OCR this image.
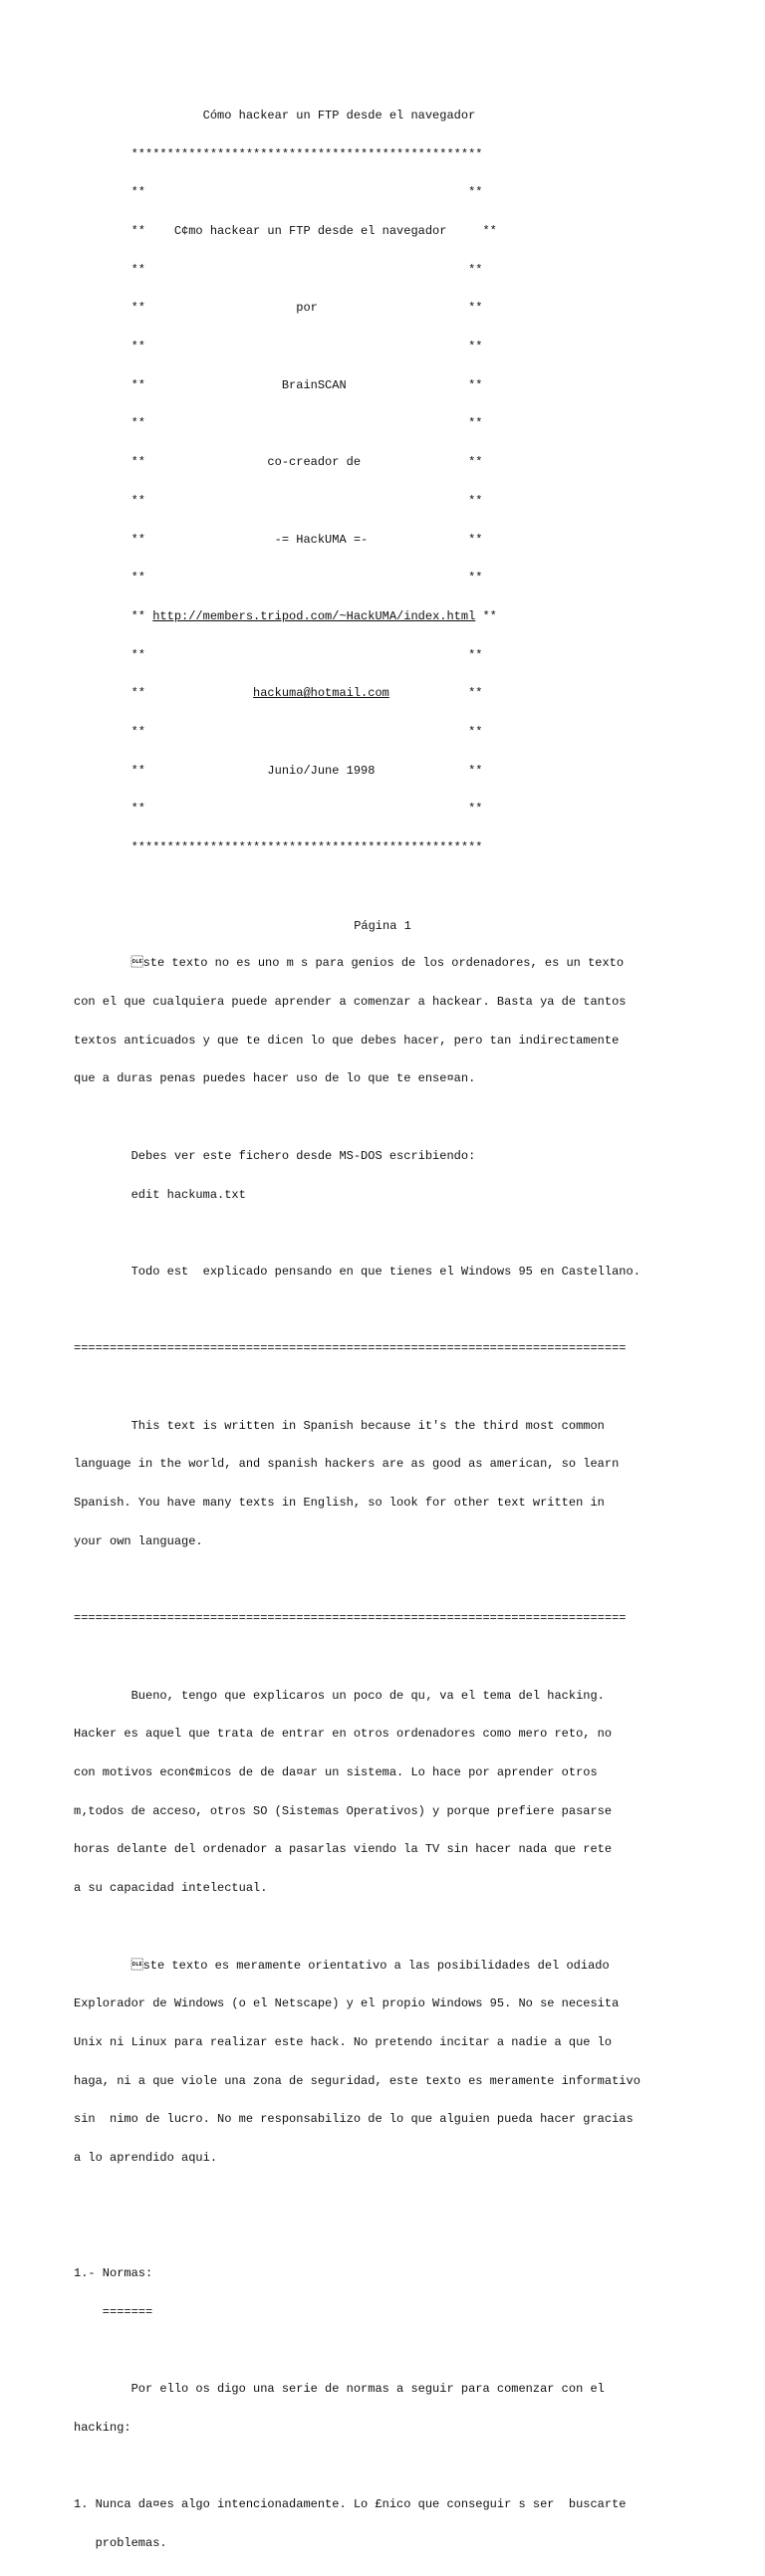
Cómo hackear un FTP desde el navegador

*************************************************

**                                             **

**    C¢mo hackear un FTP desde el navegador     **

**                                             **

**                     por                     **

**                                             **

**                   BrainSCAN                 **

**                                             **

**                 co-creador de               **

**                                             **

**                  -= HackUMA =-              **

**                                             **

** http://members.tripod.com/~HackUMA/index.html **

**                                             **

**               hackuma@hotmail.com           **

**                                             **

**                 Junio/June 1998             **

**                                             **

*************************************************

ste texto no es uno m s para genios de los ordenadores, es un texto

con el que cualquiera puede aprender a comenzar a hackear. Basta ya de tantos

textos anticuados y que te dicen lo que debes hacer, pero tan indirectamente

que a duras penas puedes hacer uso de lo que te ense¤an.

Debes ver este fichero desde MS-DOS escribiendo:

edit hackuma.txt

Todo est  explicado pensando en que tienes el Windows 95 en Castellano.

=============================================================================

This text is written in Spanish because it's the third most common

language in the world, and spanish hackers are as good as american, so learn

Spanish. You have many texts in English, so look for other text written in

your own language.

=============================================================================

Bueno, tengo que explicaros un poco de qu‚ va el tema del hacking.

Hacker es aquel que trata de entrar en otros ordenadores como mero reto, no

con motivos econ¢micos de de da¤ar un sistema. Lo hace por aprender otros

m‚todos de acceso, otros SO (Sistemas Operativos) y porque prefiere pasarse

horas delante del ordenador a pasarlas viendo la TV sin hacer nada que rete

a su capacidad intelectual.

ste texto es meramente orientativo a las posibilidades del odiado

Explorador de Windows (o el Netscape) y el propio Windows 95. No se necesita

Unix ni Linux para realizar este hack. No pretendo incitar a nadie a que lo

haga, ni a que viole una zona de seguridad, este texto es meramente informativo

sin  nimo de lucro. No me responsabilizo de lo que alguien pueda hacer gracias

a lo aprendido aqui.

1.- Normas:

=======

Por ello os digo una serie de normas a seguir para comenzar con el

hacking:

1. Nunca da¤es algo intencionadamente. Lo £nico que conseguir s ser  buscarte

problemas.

Página 1
